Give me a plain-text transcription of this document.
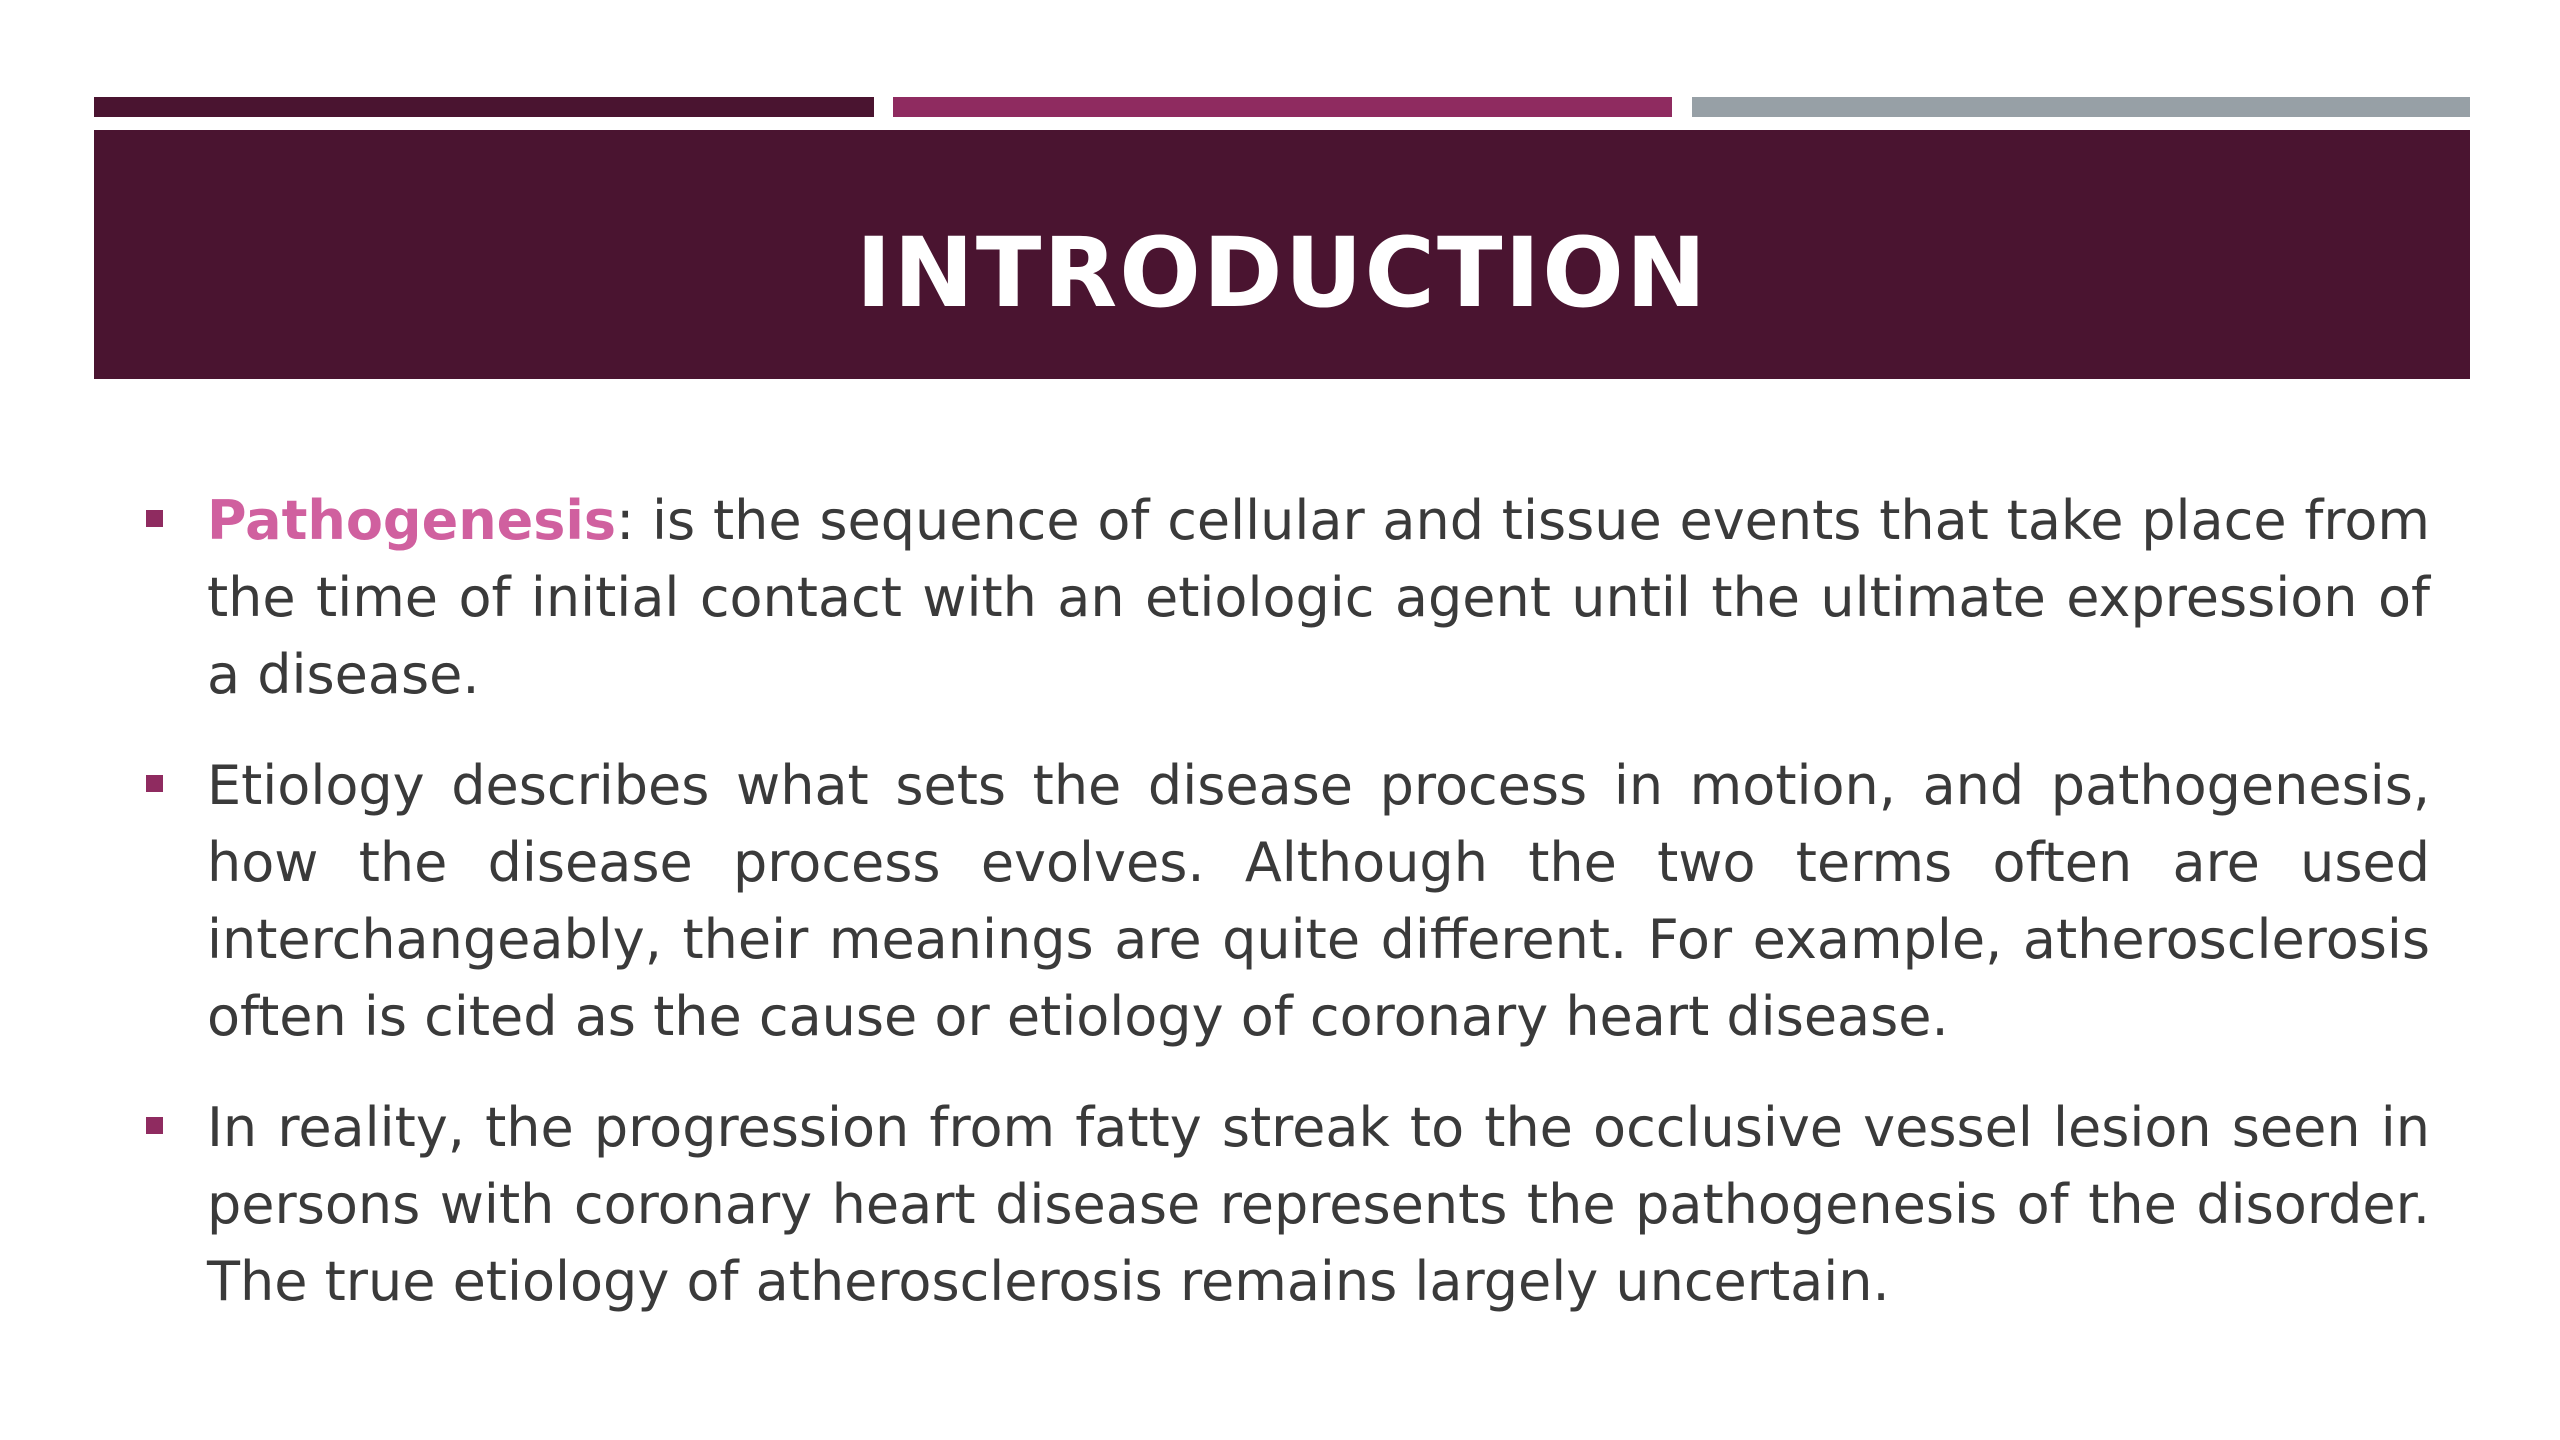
INTRODUCTION
Pathogenesis: is the sequence of cellular and tissue events that take place from the time of initial contact with an etiologic agent until the ultimate expression of a disease.
Etiology describes what sets the disease process in motion, and pathogenesis, how the disease process evolves. Although the two terms often are used interchangeably, their meanings are quite different. For example, atherosclerosis often is cited as the cause or etiology of coronary heart disease.
In reality, the progression from fatty streak to the occlusive vessel lesion seen in persons with coronary heart disease represents the pathogenesis of the disorder. The true etiology of atherosclerosis remains largely uncertain.
